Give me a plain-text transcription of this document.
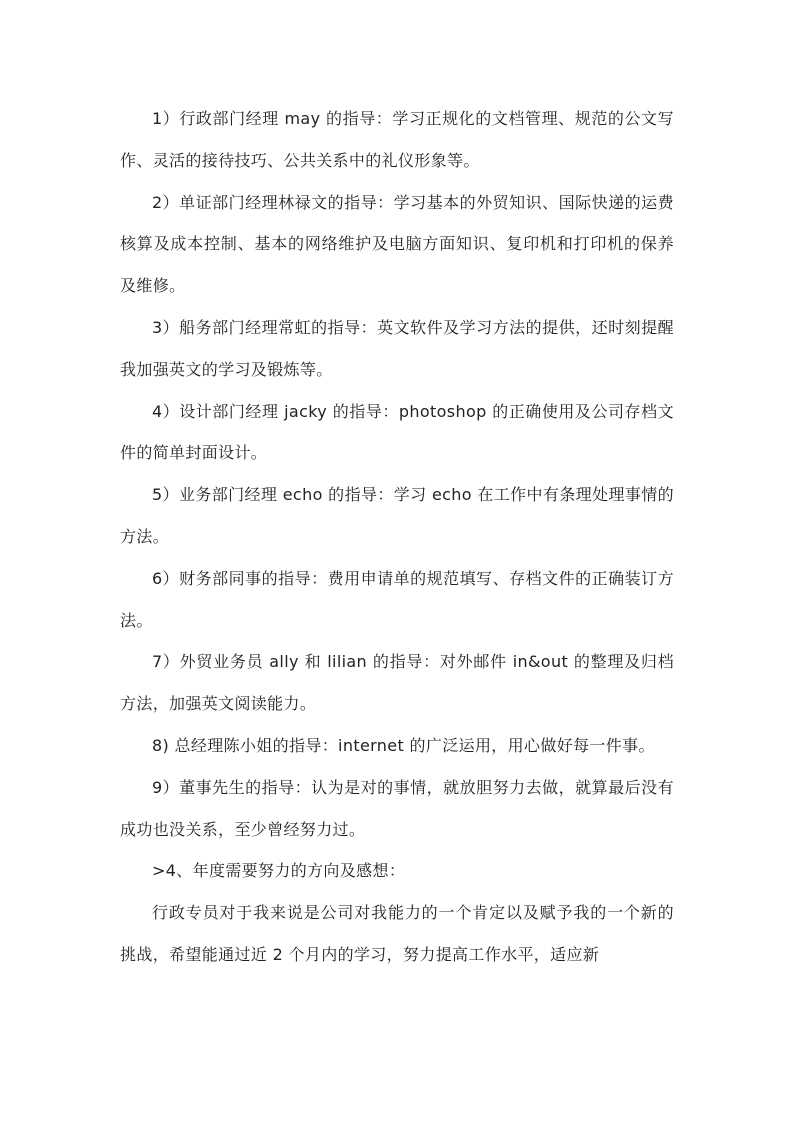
1）行政部门经理 may 的指导：学习正规化的文档管理、规范的公文写作、灵活的接待技巧、公共关系中的礼仪形象等。

2）单证部门经理林禄文的指导：学习基本的外贸知识、国际快递的运费核算及成本控制、基本的网络维护及电脑方面知识、复印机和打印机的保养及维修。

3）船务部门经理常虹的指导：英文软件及学习方法的提供，还时刻提醒我加强英文的学习及锻炼等。

4）设计部门经理 jacky 的指导：photoshop 的正确使用及公司存档文件的简单封面设计。

5）业务部门经理 echo 的指导：学习 echo 在工作中有条理处理事情的方法。

6）财务部同事的指导：费用申请单的规范填写、存档文件的正确装订方法。

7）外贸业务员 ally 和 lilian 的指导：对外邮件 in&out 的整理及归档方法，加强英文阅读能力。

8) 总经理陈小姐的指导：internet 的广泛运用，用心做好每一件事。

9）董事先生的指导：认为是对的事情，就放胆努力去做，就算最后没有成功也没关系，至少曾经努力过。

>4、年度需要努力的方向及感想：

行政专员对于我来说是公司对我能力的一个肯定以及赋予我的一个新的挑战，希望能通过近 2 个月内的学习，努力提高工作水平，适应新
